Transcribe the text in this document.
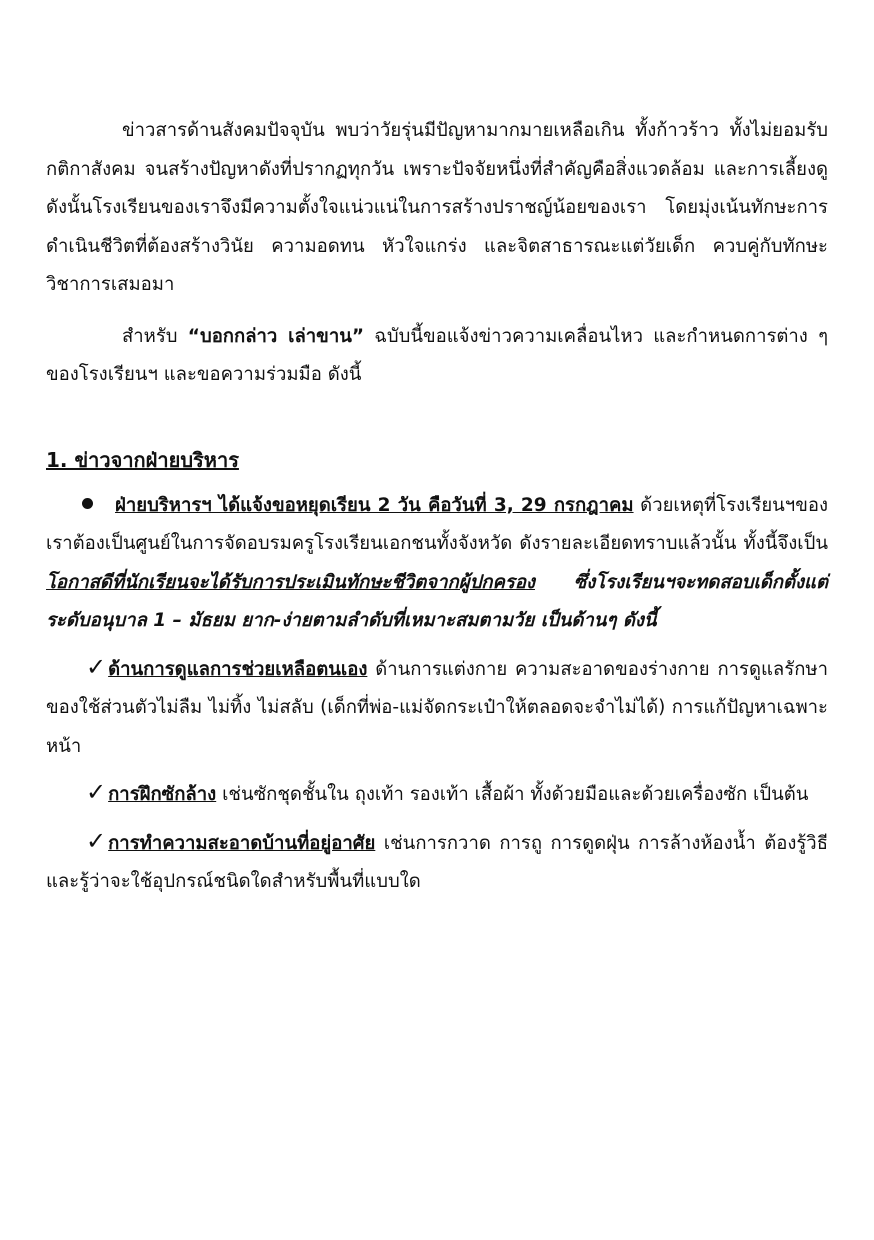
ข่าวสารด้านสังคมปัจจุบัน พบว่าวัยรุ่นมีปัญหามากมายเหลือเกิน ทั้งก้าวร้าว ทั้งไม่ยอมรับกติกาสังคม จนสร้างปัญหาดังที่ปรากฏทุกวัน เพราะปัจจัยหนึ่งที่สำคัญคือสิ่งแวดล้อม และการเลี้ยงดู ดังนั้นโรงเรียนของเราจึงมีความตั้งใจแน่วแน่ในการสร้างปราชญ์น้อยของเรา โดยมุ่งเน้นทักษะการดำเนินชีวิตที่ต้องสร้างวินัย ความอดทน หัวใจแกร่ง และจิตสาธารณะแต่วัยเด็ก ควบคู่กับทักษะวิชาการเสมอมา

สำหรับ “บอกกล่าว เล่าขาน” ฉบับนี้ขอแจ้งข่าวความเคลื่อนไหว และกำหนดการต่าง ๆ ของโรงเรียนฯ และขอความร่วมมือ ดังนี้

1. ข่าวจากฝ่ายบริหาร

ฝ่ายบริหารฯ ได้แจ้งขอหยุดเรียน 2 วัน คือวันที่ 3, 29 กรกฎาคม ด้วยเหตุที่โรงเรียนฯของเราต้องเป็นศูนย์ในการจัดอบรมครูโรงเรียนเอกชนทั้งจังหวัด ดังรายละเอียดทราบแล้วนั้น ทั้งนี้จึงเป็นโอกาสดีที่นักเรียนจะได้รับการประเมินทักษะชีวิตจากผู้ปกครอง ซึ่งโรงเรียนฯจะทดสอบเด็กตั้งแต่ระดับอนุบาล 1 – มัธยม ยาก-ง่ายตามลำดับที่เหมาะสมตามวัย เป็นด้านๆ ดังนี้

✓ ด้านการดูแลการช่วยเหลือตนเอง ด้านการแต่งกาย ความสะอาดของร่างกาย การดูแลรักษาของใช้ส่วนตัวไม่ลืม ไม่ทิ้ง ไม่สลับ (เด็กที่พ่อ-แม่จัดกระเป๋าให้ตลอดจะจำไม่ได้) การแก้ปัญหาเฉพาะหน้า

✓ การฝึกซักล้าง เช่นซักชุดชั้นใน ถุงเท้า รองเท้า เสื้อผ้า ทั้งด้วยมือและด้วยเครื่องซัก เป็นต้น

✓ การทำความสะอาดบ้านที่อยู่อาศัย เช่นการกวาด การถู การดูดฝุ่น การล้างห้องน้ำ ต้องรู้วิธีและรู้ว่าจะใช้อุปกรณ์ชนิดใดสำหรับพื้นที่แบบใด
